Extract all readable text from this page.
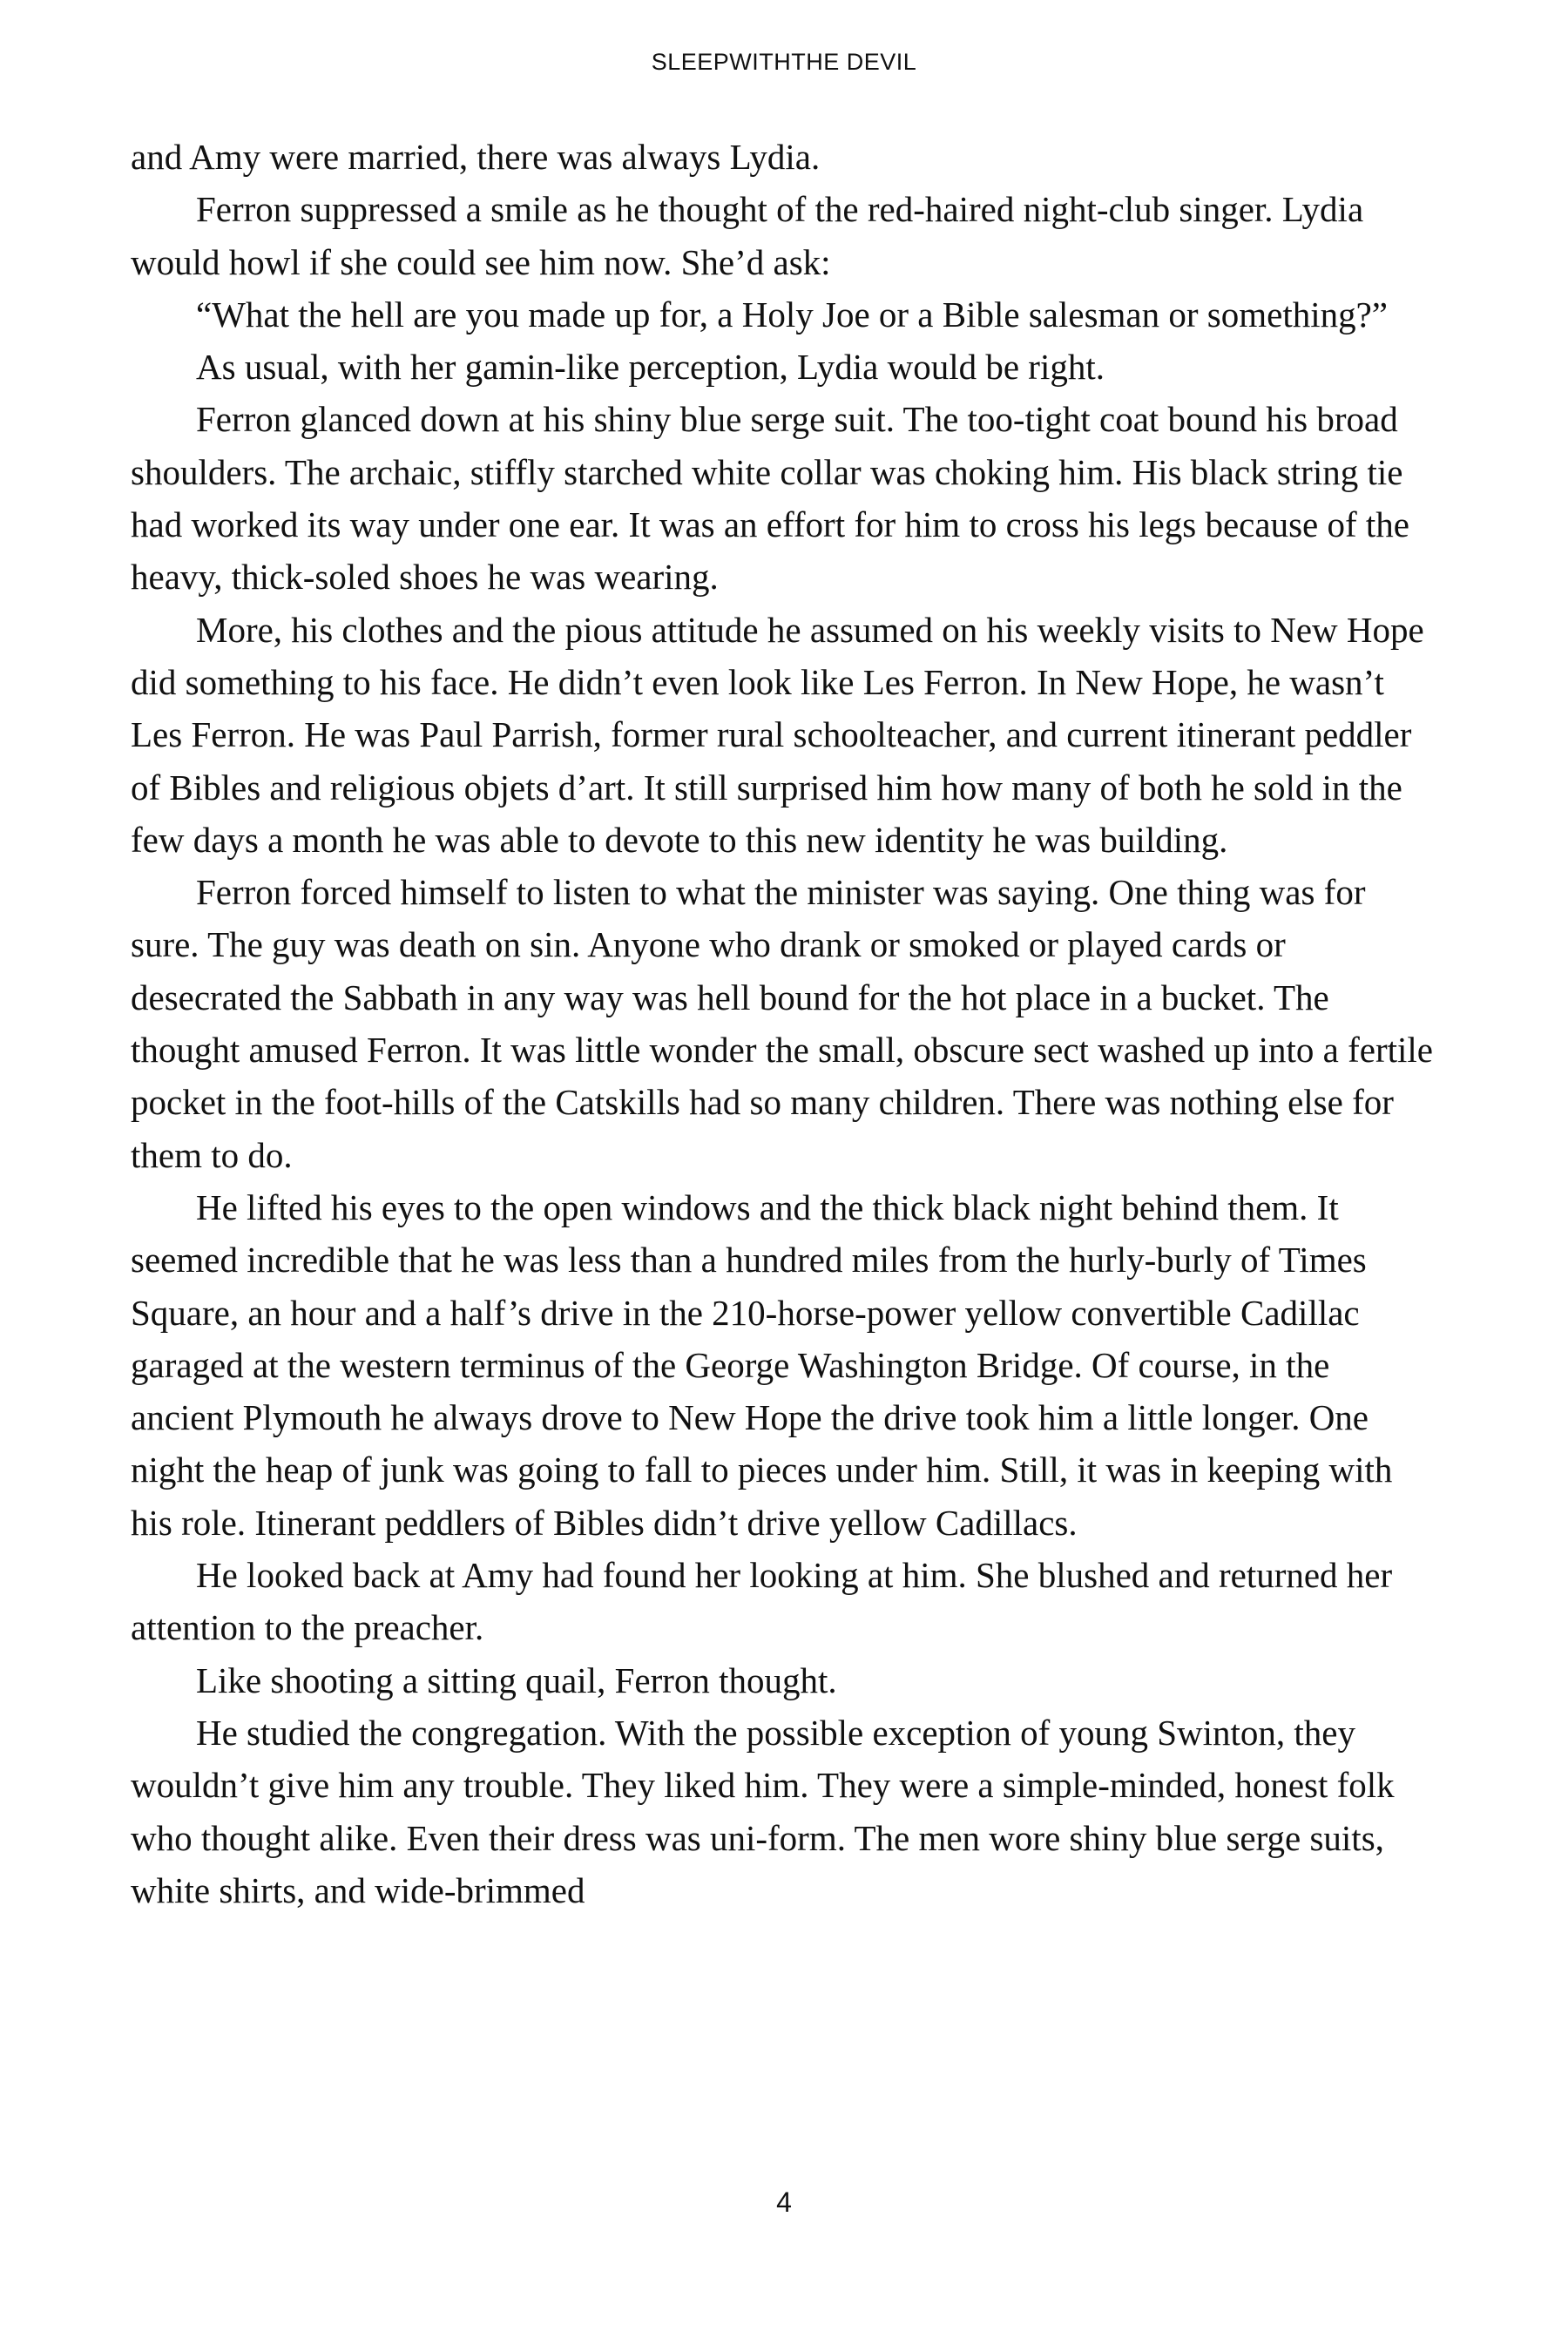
SLEEPWITHTHE DEVIL

and Amy were married, there was always Lydia.

Ferron suppressed a smile as he thought of the red-haired night-club singer. Lydia would howl if she could see him now. She’d ask:

“What the hell are you made up for, a Holy Joe or a Bible salesman or something?”

As usual, with her gamin-like perception, Lydia would be right.

Ferron glanced down at his shiny blue serge suit. The too-tight coat bound his broad shoulders. The archaic, stiffly starched white collar was choking him. His black string tie had worked its way under one ear. It was an effort for him to cross his legs because of the heavy, thick-soled shoes he was wearing.

More, his clothes and the pious attitude he assumed on his weekly visits to New Hope did something to his face. He didn’t even look like Les Ferron. In New Hope, he wasn’t Les Ferron. He was Paul Parrish, former rural schoolteacher, and current itinerant peddler of Bibles and religious objets d’art. It still surprised him how many of both he sold in the few days a month he was able to devote to this new identity he was building.

Ferron forced himself to listen to what the minister was saying. One thing was for sure. The guy was death on sin. Anyone who drank or smoked or played cards or desecrated the Sabbath in any way was hell bound for the hot place in a bucket. The thought amused Ferron. It was little wonder the small, obscure sect washed up into a fertile pocket in the foot-hills of the Catskills had so many children. There was nothing else for them to do.

He lifted his eyes to the open windows and the thick black night behind them. It seemed incredible that he was less than a hundred miles from the hurly-burly of Times Square, an hour and a half’s drive in the 210-horse-power yellow convertible Cadillac garaged at the western terminus of the George Washington Bridge. Of course, in the ancient Plymouth he always drove to New Hope the drive took him a little longer. One night the heap of junk was going to fall to pieces under him. Still, it was in keeping with his role. Itinerant peddlers of Bibles didn’t drive yellow Cadillacs.

He looked back at Amy had found her looking at him. She blushed and returned her attention to the preacher.

Like shooting a sitting quail, Ferron thought.

He studied the congregation. With the possible exception of young Swinton, they wouldn’t give him any trouble. They liked him. They were a simple-minded, honest folk who thought alike. Even their dress was uni-form. The men wore shiny blue serge suits, white shirts, and wide-brimmed

4
